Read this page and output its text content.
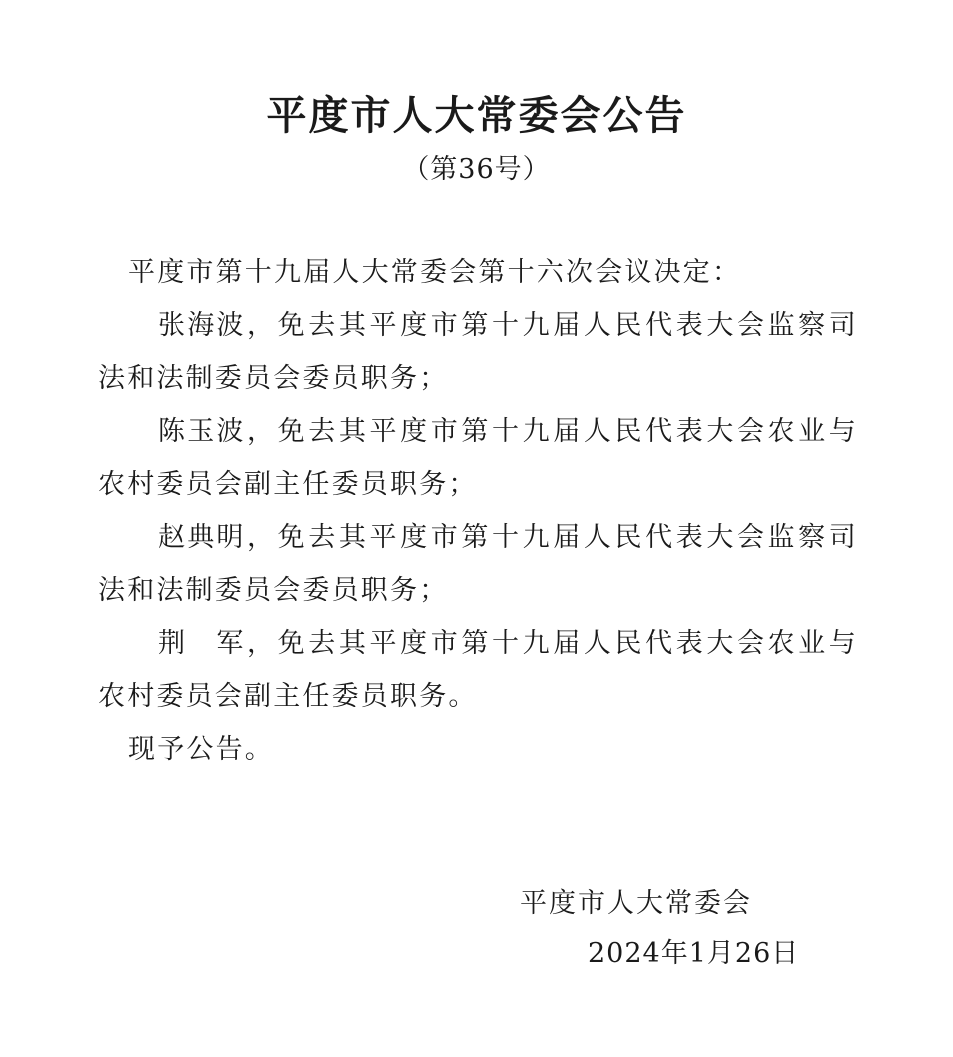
平度市人大常委会公告
（第36号）

平度市第十九届人大常委会第十六次会议决定：

张海波，免去其平度市第十九届人民代表大会监察司法和法制委员会委员职务；

陈玉波，免去其平度市第十九届人民代表大会农业与农村委员会副主任委员职务；

赵典明，免去其平度市第十九届人民代表大会监察司法和法制委员会委员职务；

荆　军，免去其平度市第十九届人民代表大会农业与农村委员会副主任委员职务。

现予公告。

平度市人大常委会
2024年1月26日
